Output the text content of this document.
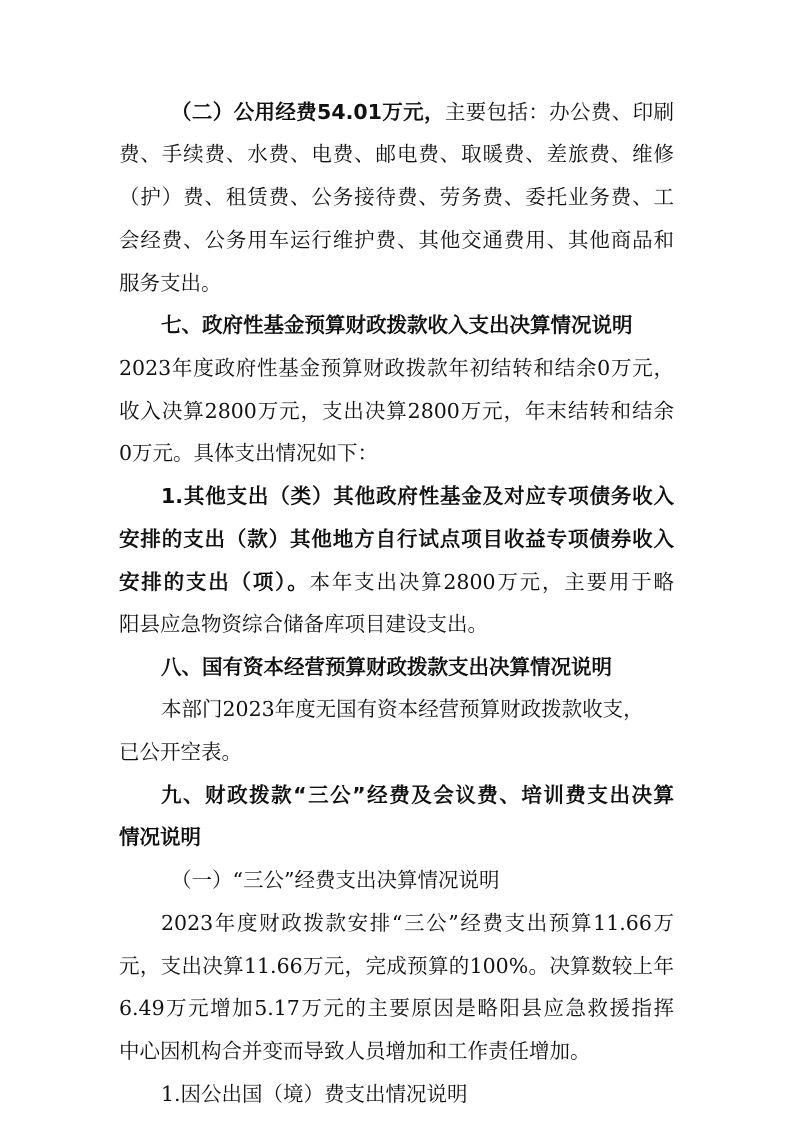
（二）公用经费54.01万元，主要包括：办公费、印刷
费、手续费、水费、电费、邮电费、取暖费、差旅费、维修
（护）费、租赁费、公务接待费、劳务费、委托业务费、工
会经费、公务用车运行维护费、其他交通费用、其他商品和
服务支出。
七、政府性基金预算财政拨款收入支出决算情况说明
2023年度政府性基金预算财政拨款年初结转和结余0万元，
收入决算2800万元，支出决算2800万元，年末结转和结余
0万元。具体支出情况如下：
1.其他支出（类）其他政府性基金及对应专项债务收入
安排的支出（款）其他地方自行试点项目收益专项债券收入
安排的支出（项）。本年支出决算2800万元，主要用于略
阳县应急物资综合储备库项目建设支出。
八、国有资本经营预算财政拨款支出决算情况说明
本部门2023年度无国有资本经营预算财政拨款收支，
已公开空表。
九、财政拨款“三公”经费及会议费、培训费支出决算
情况说明
（一）“三公”经费支出决算情况说明
2023年度财政拨款安排“三公”经费支出预算11.66万
元，支出决算11.66万元，完成预算的100%。决算数较上年
6.49万元增加5.17万元的主要原因是略阳县应急救援指挥
中心因机构合并变而导致人员增加和工作责任增加。
1.因公出国（境）费支出情况说明
